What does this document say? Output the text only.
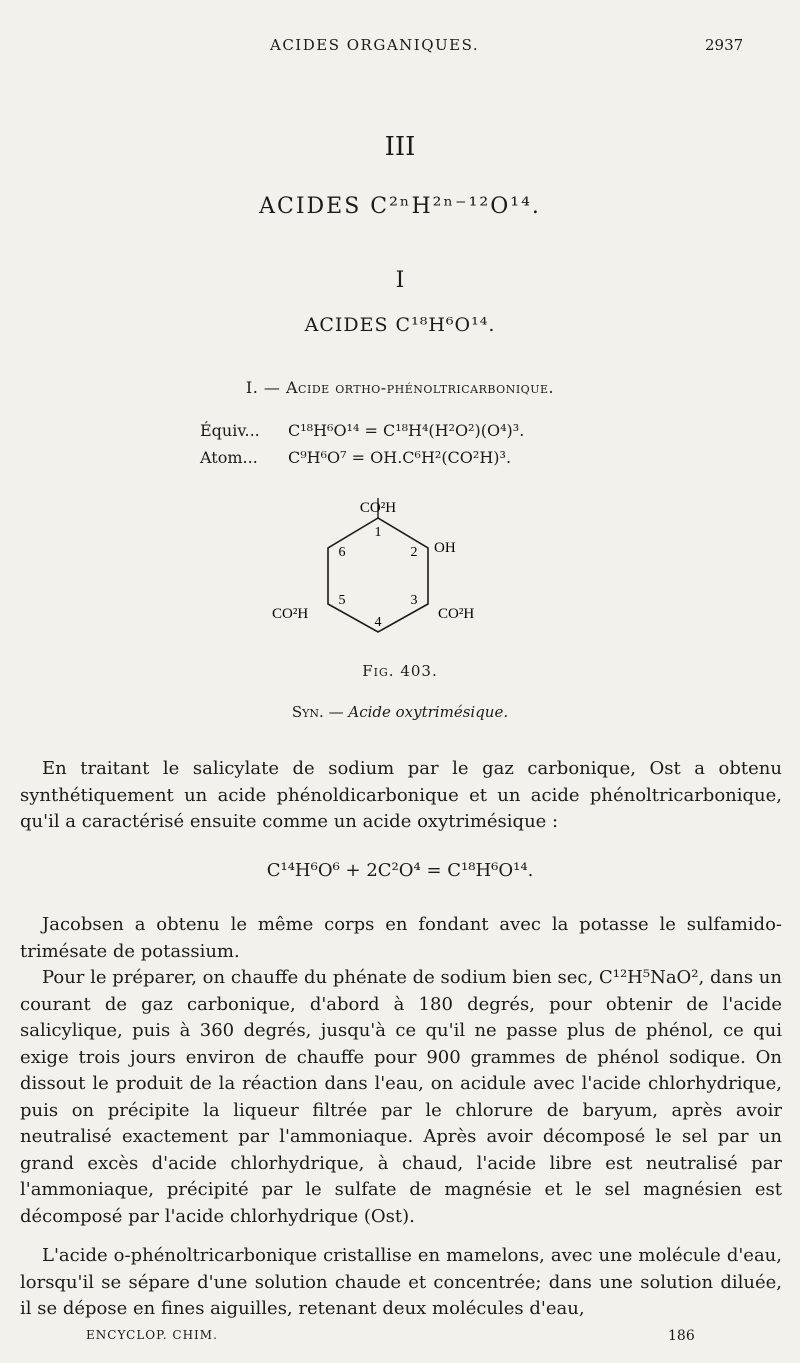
ACIDES ORGANIQUES.	2937
III
ACIDES C²ⁿH²ⁿ⁻¹²O¹⁴.
I
ACIDES C¹⁸H⁶O¹⁴.
I. — Acide ortho-phénoltricarbonique.
Équiv... C¹⁸H⁶O¹⁴ = C¹⁸H⁴(H²O²)(O⁴)³.
Atom... C⁹H⁶O⁷ = OH.C⁶H²(CO²H)³.
CO²H
OH
CO²H	CO²H
1
2
3
4
5
6
Fig. 403.
Syn. — Acide oxytrimésique.

En traitant le salicylate de sodium par le gaz carbonique, Ost a obtenu synthétiquement un acide phénoldicarbonique et un acide phénoltricarbonique, qu'il a caractérisé ensuite comme un acide oxytrimésique :

C¹⁴H⁶O⁶ + 2C²O⁴ = C¹⁸H⁶O¹⁴.

Jacobsen a obtenu le même corps en fondant avec la potasse le sulfamido-trimésate de potassium.

Pour le préparer, on chauffe du phénate de sodium bien sec, C¹²H⁵NaO², dans un courant de gaz carbonique, d'abord à 180 degrés, pour obtenir de l'acide salicylique, puis à 360 degrés, jusqu'à ce qu'il ne passe plus de phénol, ce qui exige trois jours environ de chauffe pour 900 grammes de phénol sodique. On dissout le produit de la réaction dans l'eau, on acidule avec l'acide chlorhydrique, puis on précipite la liqueur filtrée par le chlorure de baryum, après avoir neutralisé exactement par l'ammoniaque. Après avoir décomposé le sel par un grand excès d'acide chlorhydrique, à chaud, l'acide libre est neutralisé par l'ammoniaque, précipité par le sulfate de magnésie et le sel magnésien est décomposé par l'acide chlorhydrique (Ost).

L'acide o-phénoltricarbonique cristallise en mamelons, avec une molécule d'eau, lorsqu'il se sépare d'une solution chaude et concentrée; dans une solution diluée, il se dépose en fines aiguilles, retenant deux molécules d'eau,

ENCYCLOP. CHIM.	186
